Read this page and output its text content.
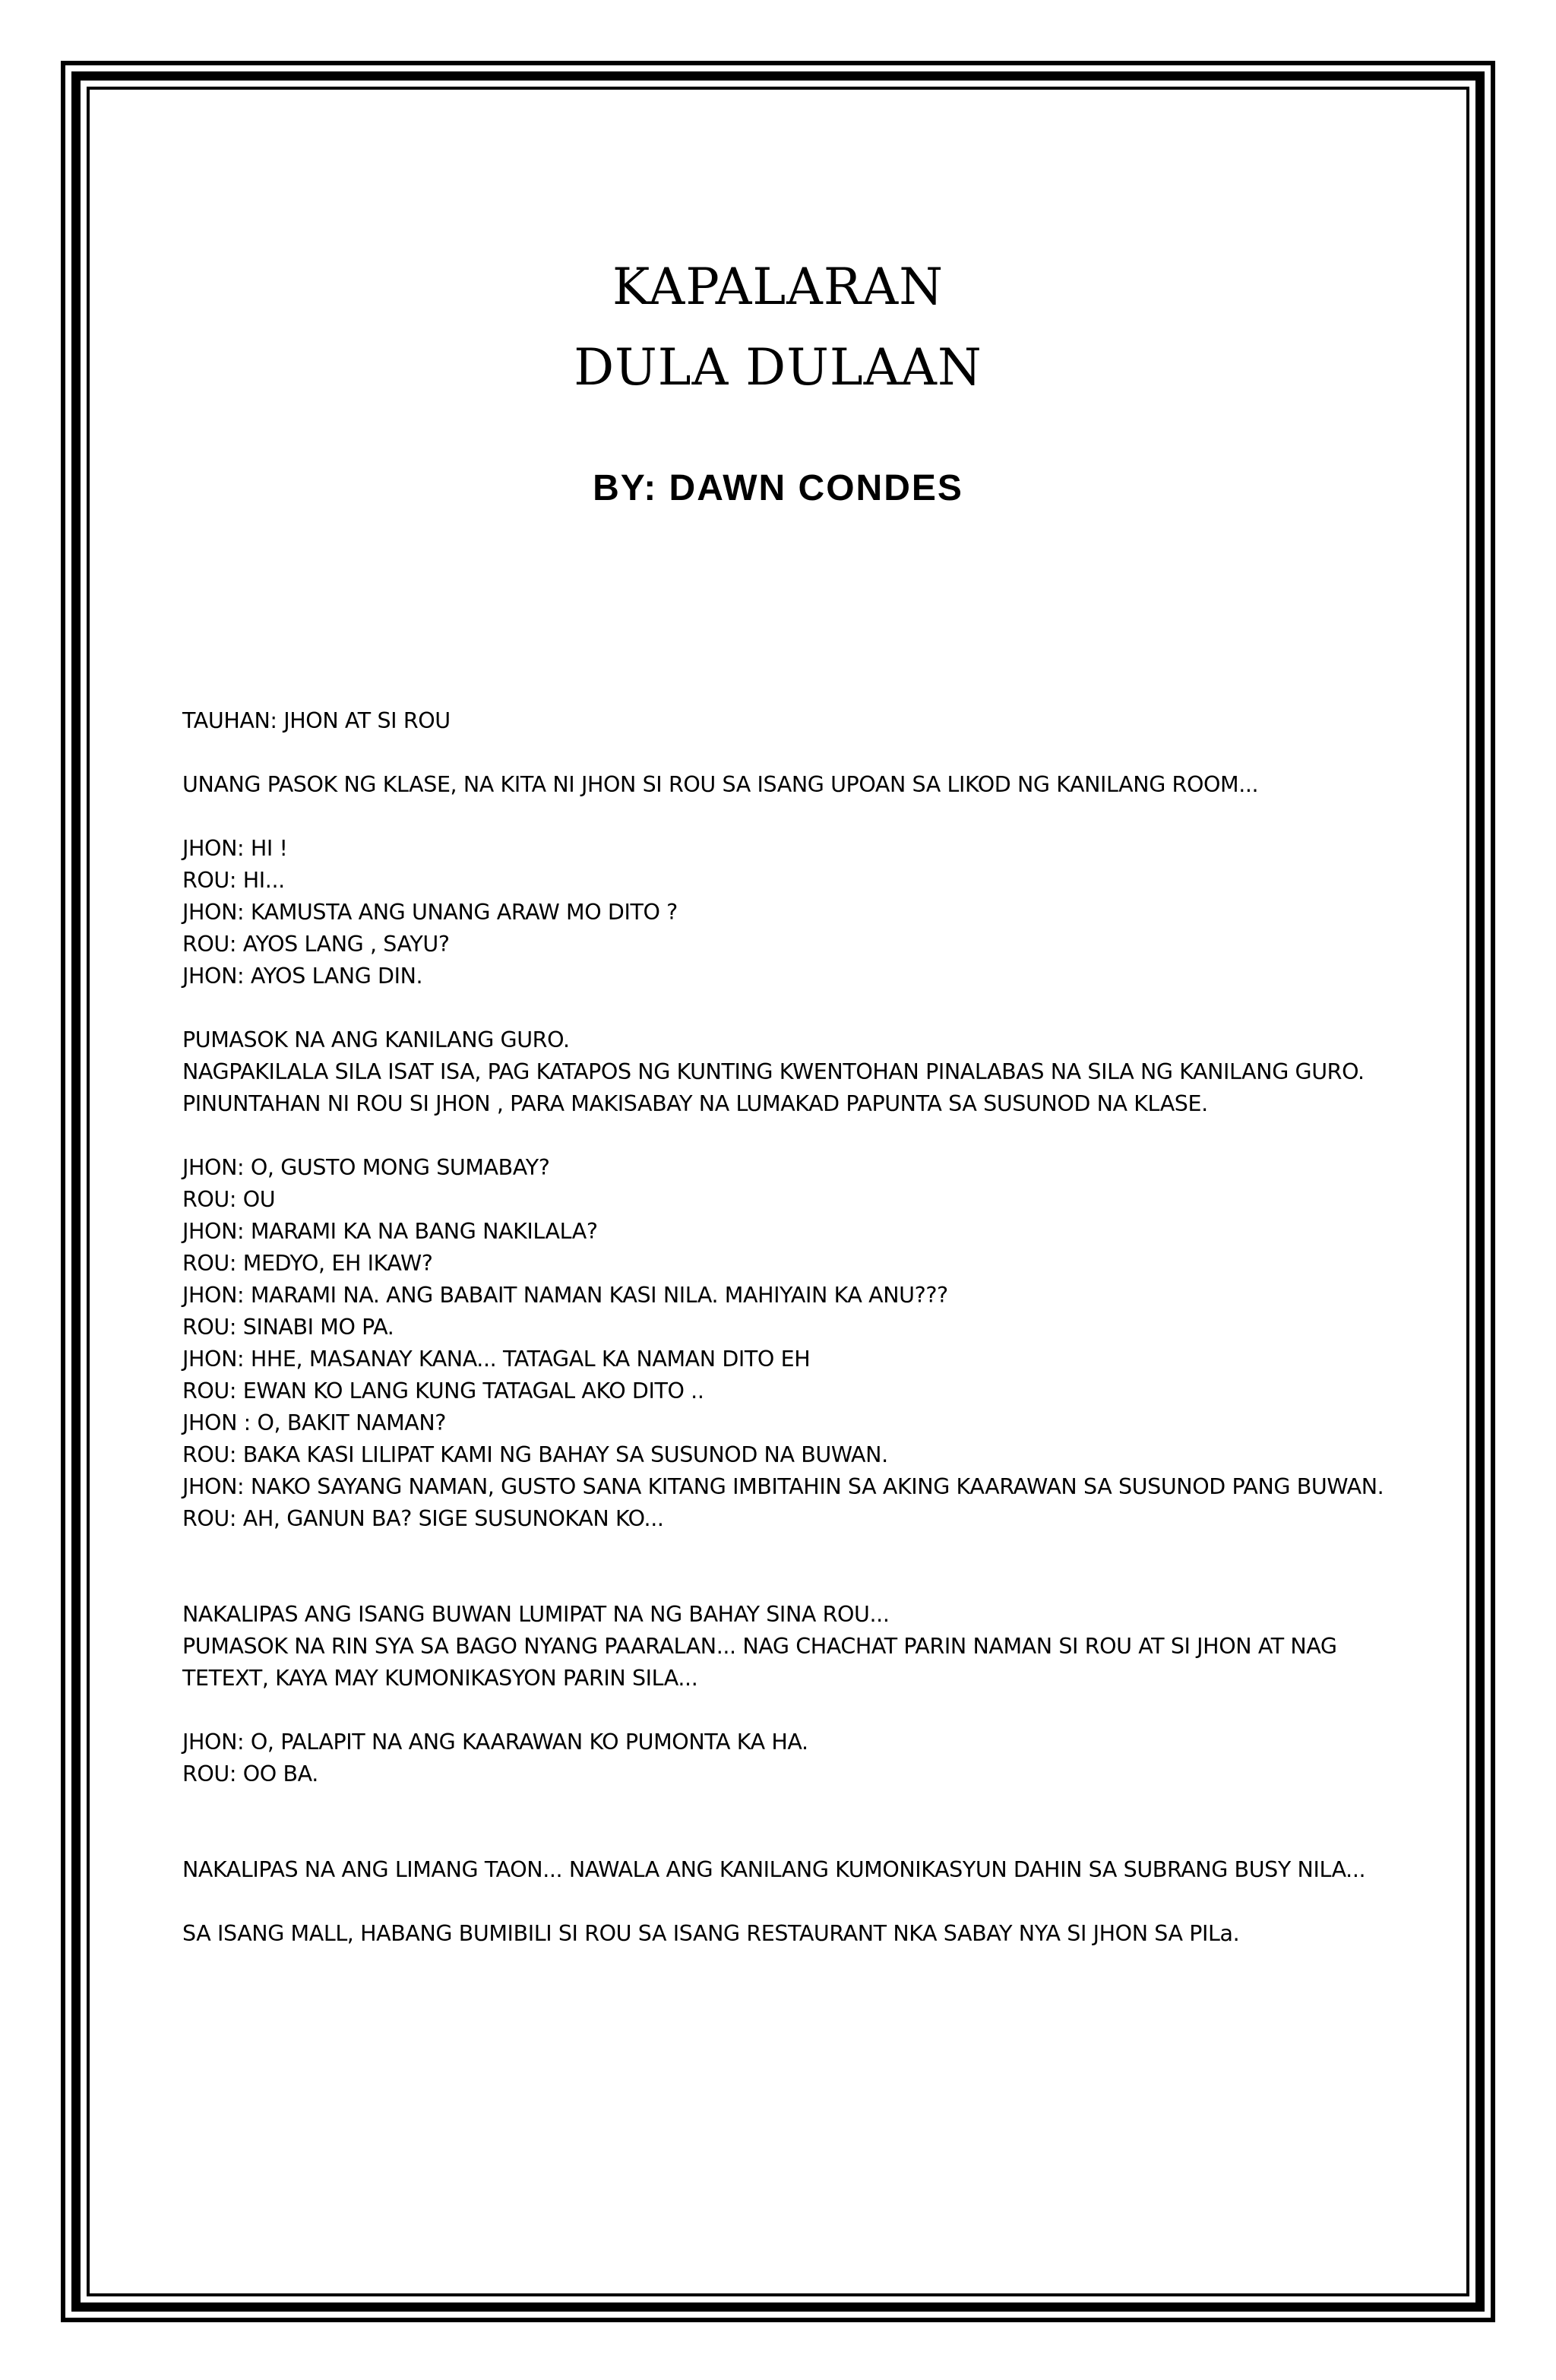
KAPALARAN

DULA DULAAN

BY: DAWN CONDES

TAUHAN: JHON AT SI ROU

UNANG PASOK NG KLASE, NA KITA NI JHON SI ROU SA ISANG UPOAN SA LIKOD NG KANILANG ROOM...

JHON: HI !

ROU: HI...

JHON: KAMUSTA ANG UNANG ARAW MO DITO ?

ROU: AYOS LANG , SAYU?

JHON: AYOS LANG DIN.

PUMASOK NA ANG KANILANG GURO.

NAGPAKILALA SILA ISAT ISA, PAG KATAPOS NG KUNTING KWENTOHAN PINALABAS NA SILA NG KANILANG GURO.

PINUNTAHAN NI ROU SI JHON , PARA MAKISABAY NA LUMAKAD PAPUNTA SA SUSUNOD NA KLASE.

JHON: O, GUSTO MONG SUMABAY?

ROU: OU

JHON: MARAMI KA NA BANG NAKILALA?

ROU: MEDYO, EH IKAW?

JHON: MARAMI NA. ANG BABAIT NAMAN KASI NILA. MAHIYAIN KA ANU???

ROU: SINABI MO PA.

JHON: HHE, MASANAY KANA... TATAGAL KA NAMAN DITO EH

ROU: EWAN KO LANG KUNG TATAGAL AKO DITO ..

JHON : O, BAKIT NAMAN?

ROU: BAKA KASI LILIPAT KAMI NG BAHAY SA SUSUNOD NA BUWAN.

JHON: NAKO SAYANG NAMAN, GUSTO SANA KITANG IMBITAHIN SA AKING KAARAWAN SA SUSUNOD PANG BUWAN.

ROU: AH, GANUN BA? SIGE SUSUNOKAN KO...

NAKALIPAS ANG ISANG BUWAN LUMIPAT NA NG BAHAY SINA ROU...

PUMASOK NA RIN SYA SA BAGO NYANG PAARALAN... NAG CHACHAT PARIN NAMAN SI ROU AT SI JHON AT NAG TETEXT, KAYA MAY KUMONIKASYON PARIN SILA...

JHON: O, PALAPIT NA ANG KAARAWAN KO PUMONTA KA HA.

ROU: OO BA.

NAKALIPAS NA ANG LIMANG TAON... NAWALA ANG KANILANG KUMONIKASYUN DAHIN SA SUBRANG BUSY NILA...

SA ISANG MALL, HABANG BUMIBILI SI ROU SA ISANG RESTAURANT NKA SABAY NYA SI JHON SA PILa.
